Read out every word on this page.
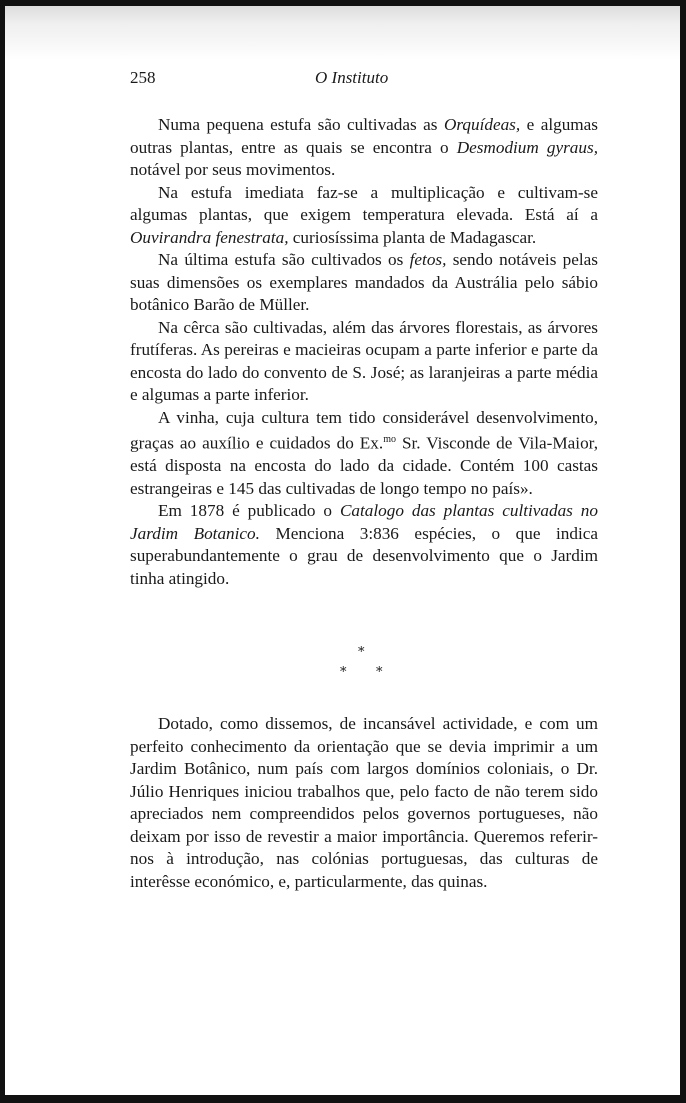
258	O Instituto

Numa pequena estufa são cultivadas as Orquídeas, e algumas outras plantas, entre as quais se encontra o Desmodium gyraus, notável por seus movimentos.

Na estufa imediata faz-se a multiplicação e cultivam-se algumas plantas, que exigem temperatura elevada. Está aí a Ouvirandra fenestrata, curiosíssima planta de Madagascar.

Na última estufa são cultivados os fetos, sendo notáveis pelas suas dimensões os exemplares mandados da Austrália pelo sábio botânico Barão de Müller.

Na cêrca são cultivadas, além das árvores florestais, as árvores frutíferas. As pereiras e macieiras ocupam a parte inferior e parte da encosta do lado do convento de S. José; as laranjeiras a parte média e algumas a parte inferior.

A vinha, cuja cultura tem tido considerável desenvolvimento, graças ao auxílio e cuidados do Ex.$^{mo}$ Sr. Visconde de Vila-Maior, está disposta na encosta do lado da cidade. Contém 100 castas estrangeiras e 145 das cultivadas de longo tempo no país».

Em 1878 é publicado o Catalogo das plantas cultivadas no Jardim Botanico. Menciona 3:836 espécies, o que indica superabundantemente o grau de desenvolvimento que o Jardim tinha atingido.

*
* *

Dotado, como dissemos, de incansável actividade, e com um perfeito conhecimento da orientação que se devia imprimir a um Jardim Botânico, num país com largos domínios coloniais, o Dr. Júlio Henriques iniciou trabalhos que, pelo facto de não terem sido apreciados nem compreendidos pelos governos portugueses, não deixam por isso de revestir a maior importância. Queremos referir-nos à introdução, nas colónias portuguesas, das culturas de interêsse económico, e, particularmente, das quinas.
